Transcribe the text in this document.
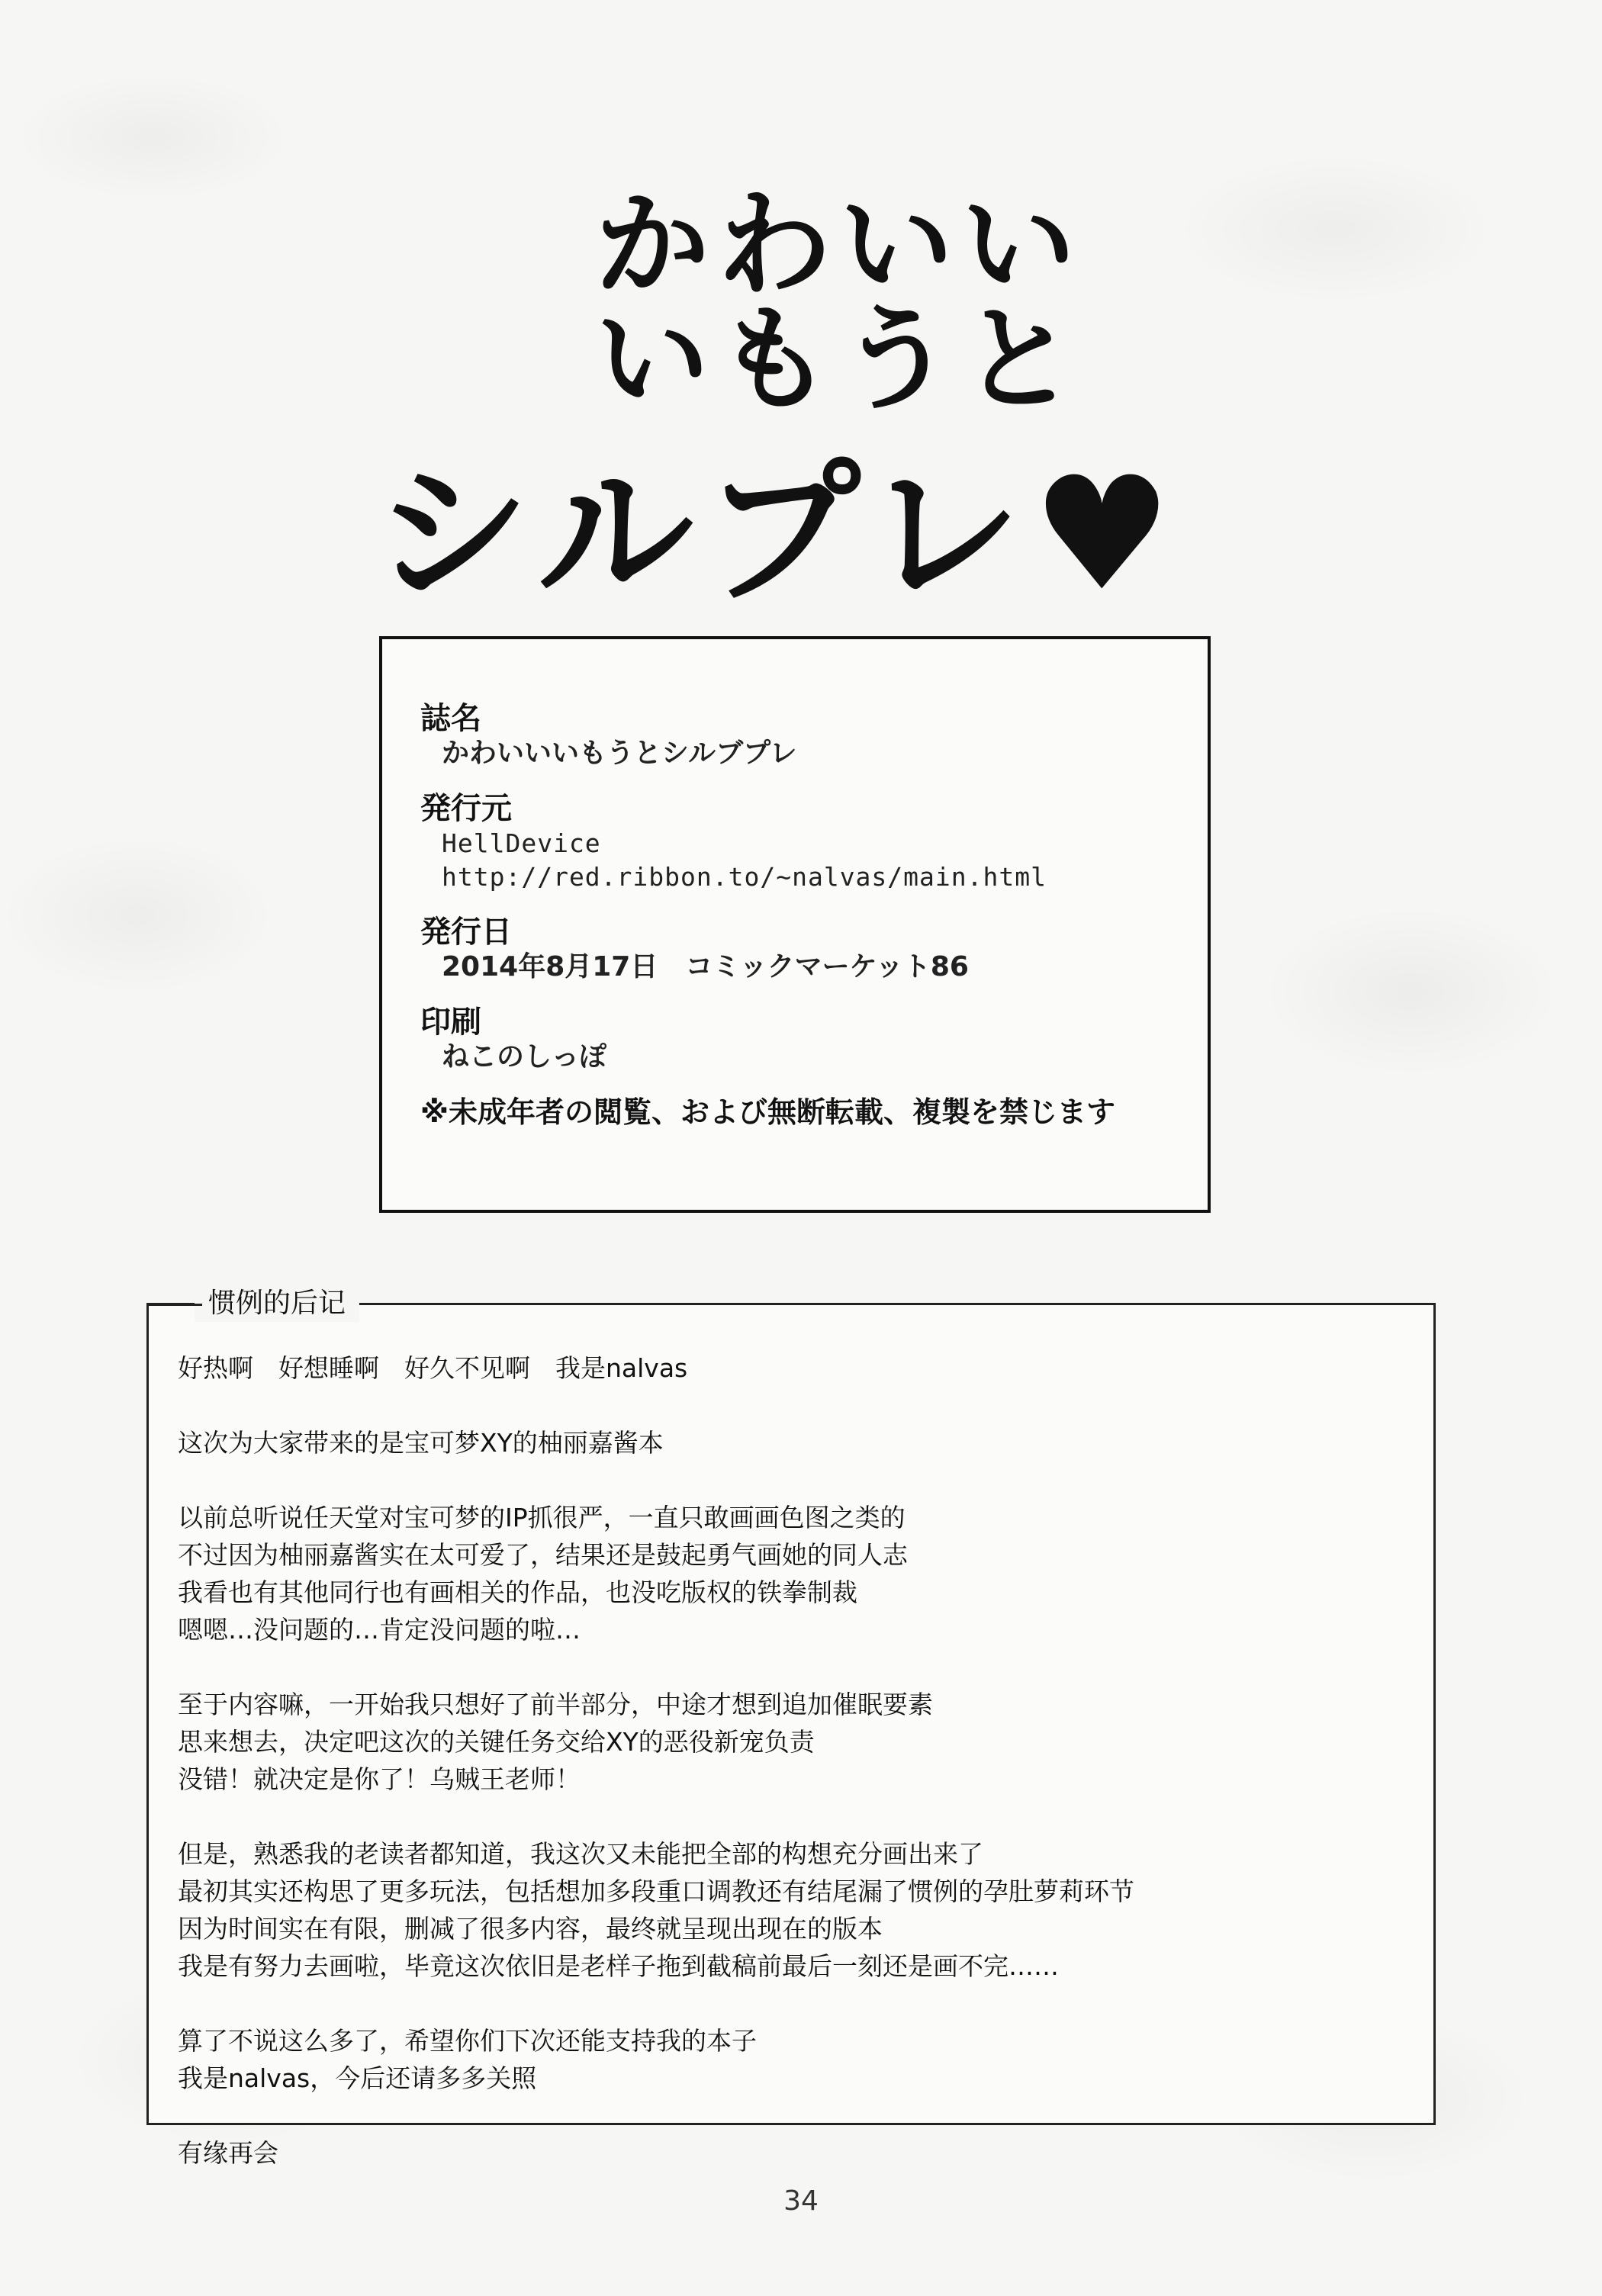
かわいい
いもうと
シルプレ♥
誌名
かわいいいもうとシルブプレ
発行元
HellDevice
http://red.ribbon.to/~nalvas/main.html
発行日
2014年8月17日　コミックマーケット86
印刷
ねこのしっぽ
※未成年者の閲覧、および無断転載、複製を禁じます
惯例的后记
好热啊　好想睡啊　好久不见啊　我是nalvas
这次为大家带来的是宝可梦XY的柚丽嘉酱本
以前总听说任天堂对宝可梦的IP抓很严，一直只敢画画色图之类的
不过因为柚丽嘉酱实在太可爱了，结果还是鼓起勇气画她的同人志
我看也有其他同行也有画相关的作品，也没吃版权的铁拳制裁
嗯嗯…没问题的…肯定没问题的啦…
至于内容嘛，一开始我只想好了前半部分，中途才想到追加催眠要素
思来想去，决定吧这次的关键任务交给XY的恶役新宠负责
没错！就决定是你了！乌贼王老师！
但是，熟悉我的老读者都知道，我这次又未能把全部的构想充分画出来了
最初其实还构思了更多玩法，包括想加多段重口调教还有结尾漏了惯例的孕肚萝莉环节
因为时间实在有限，删减了很多内容，最终就呈现出现在的版本
我是有努力去画啦，毕竟这次依旧是老样子拖到截稿前最后一刻还是画不完……
算了不说这么多了，希望你们下次还能支持我的本子
我是nalvas，今后还请多多关照
有缘再会
34
